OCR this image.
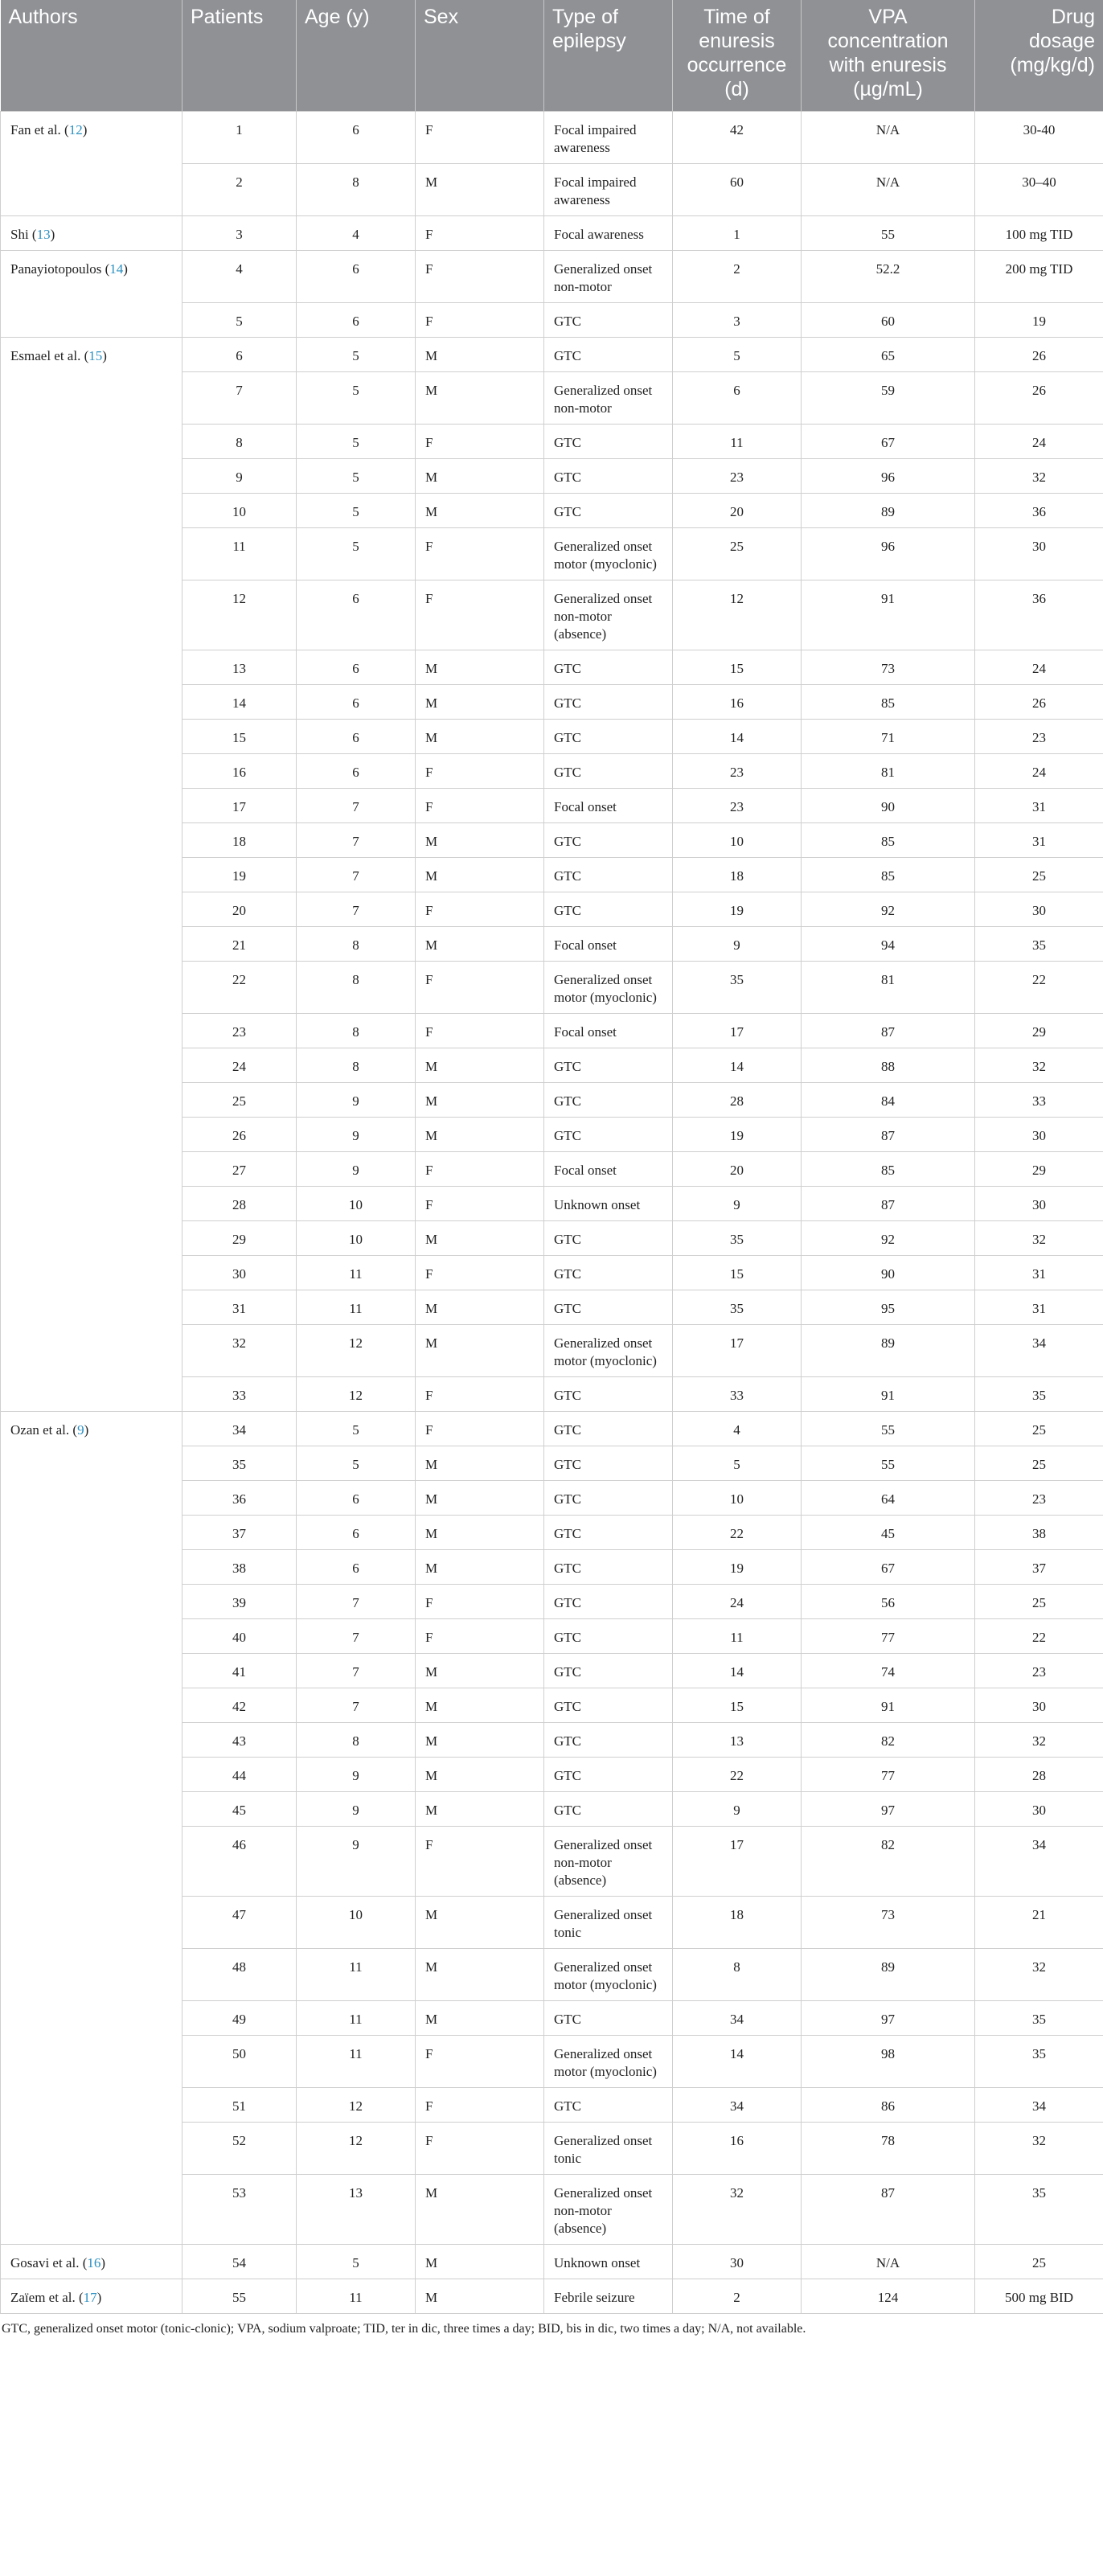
Authors	Patients	Age (y)	Sex	Type of epilepsy	Time of enuresis occurrence (d)	VPA concentration with enuresis (µg/mL)	Drug dosage (mg/kg/d)
Fan et al. (12)	1	6	F	Focal impaired awareness	42	N/A	30-40
	2	8	M	Focal impaired awareness	60	N/A	30–40
Shi (13)	3	4	F	Focal awareness	1	55	100 mg TID
Panayiotopoulos (14)	4	6	F	Generalized onset non-motor	2	52.2	200 mg TID
	5	6	F	GTC	3	60	19
Esmael et al. (15)	6	5	M	GTC	5	65	26
	7	5	M	Generalized onset non-motor	6	59	26
	8	5	F	GTC	11	67	24
	9	5	M	GTC	23	96	32
	10	5	M	GTC	20	89	36
	11	5	F	Generalized onset motor (myoclonic)	25	96	30
	12	6	F	Generalized onset non-motor (absence)	12	91	36
	13	6	M	GTC	15	73	24
	14	6	M	GTC	16	85	26
	15	6	M	GTC	14	71	23
	16	6	F	GTC	23	81	24
	17	7	F	Focal onset	23	90	31
	18	7	M	GTC	10	85	31
	19	7	M	GTC	18	85	25
	20	7	F	GTC	19	92	30
	21	8	M	Focal onset	9	94	35
	22	8	F	Generalized onset motor (myoclonic)	35	81	22
	23	8	F	Focal onset	17	87	29
	24	8	M	GTC	14	88	32
	25	9	M	GTC	28	84	33
	26	9	M	GTC	19	87	30
	27	9	F	Focal onset	20	85	29
	28	10	F	Unknown onset	9	87	30
	29	10	M	GTC	35	92	32
	30	11	F	GTC	15	90	31
	31	11	M	GTC	35	95	31
	32	12	M	Generalized onset motor (myoclonic)	17	89	34
	33	12	F	GTC	33	91	35
Ozan et al. (9)	34	5	F	GTC	4	55	25
	35	5	M	GTC	5	55	25
	36	6	M	GTC	10	64	23
	37	6	M	GTC	22	45	38
	38	6	M	GTC	19	67	37
	39	7	F	GTC	24	56	25
	40	7	F	GTC	11	77	22
	41	7	M	GTC	14	74	23
	42	7	M	GTC	15	91	30
	43	8	M	GTC	13	82	32
	44	9	M	GTC	22	77	28
	45	9	M	GTC	9	97	30
	46	9	F	Generalized onset non-motor (absence)	17	82	34
	47	10	M	Generalized onset tonic	18	73	21
	48	11	M	Generalized onset motor (myoclonic)	8	89	32
	49	11	M	GTC	34	97	35
	50	11	F	Generalized onset motor (myoclonic)	14	98	35
	51	12	F	GTC	34	86	34
	52	12	F	Generalized onset tonic	16	78	32
	53	13	M	Generalized onset non-motor (absence)	32	87	35
Gosavi et al. (16)	54	5	M	Unknown onset	30	N/A	25
Zaïem et al. (17)	55	11	M	Febrile seizure	2	124	500 mg BID
GTC, generalized onset motor (tonic-clonic); VPA, sodium valproate; TID, ter in dic, three times a day; BID, bis in dic, two times a day; N/A, not available.
